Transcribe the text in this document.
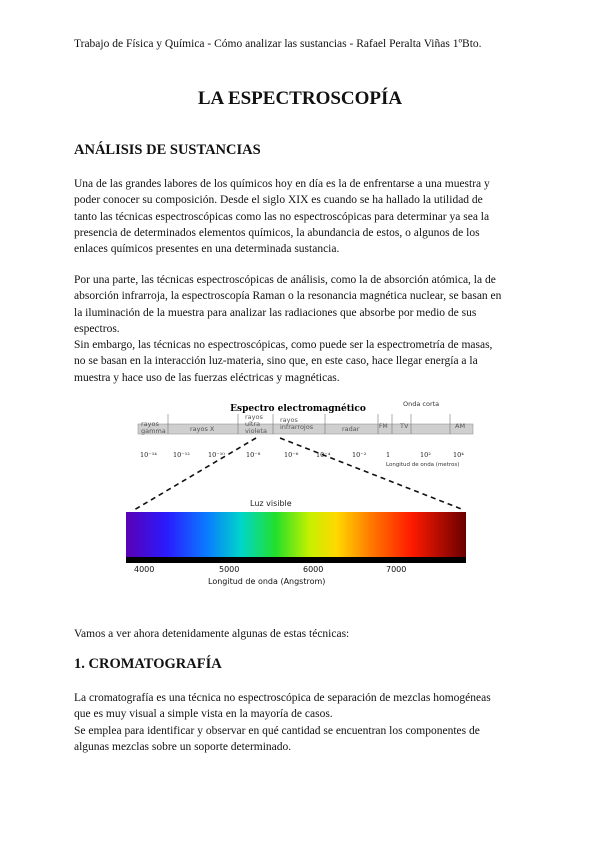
Trabajo de Física y Química - Cómo analizar las sustancias - Rafael Peralta Viñas 1ºBto.
LA ESPECTROSCOPÍA
ANÁLISIS DE SUSTANCIAS
Una de las grandes labores de los químicos hoy en día es la de enfrentarse a una muestra y
poder conocer su composición. Desde el siglo XIX es cuando se ha hallado la utilidad de
tanto las técnicas espectroscópicas como las no espectroscópicas para determinar ya sea la
presencia de determinados elementos químicos, la abundancia de estos, o algunos de los
enlaces químicos presentes en una determinada sustancia.
Por una parte, las técnicas espectroscópicas de análisis, como la de absorción atómica, la de
absorción infrarroja, la espectroscopía Raman o la resonancia magnética nuclear, se basan en
la iluminación de la muestra para analizar las radiaciones que absorbe por medio de sus
espectros.
Sin embargo, las técnicas no espectroscópicas, como puede ser la espectrometría de masas,
no se basan en la interacción luz-materia, sino que, en este caso, hace llegar energía a la
muestra y hace uso de las fuerzas eléctricas y magnéticas.
Espectro electromagnético	Onda corta
rayos gamma	rayos X
rayos ultra violeta
rayos infrarrojos	radar	FM TV	AM
10⁻¹⁴ 10⁻¹²	10⁻¹⁰	10⁻⁸	10⁻⁶	10⁻⁴	10⁻²	1	10²	10⁴
Longitud de onda (metros)
Luz visible
4000	5000	6000	7000
Longitud de onda (Angstrom)
Vamos a ver ahora detenidamente algunas de estas técnicas:
1. CROMATOGRAFÍA
La cromatografía es una técnica no espectroscópica de separación de mezclas homogéneas
que es muy visual a simple vista en la mayoría de casos.
Se emplea para identificar y observar en qué cantidad se encuentran los componentes de
algunas mezclas sobre un soporte determinado.
